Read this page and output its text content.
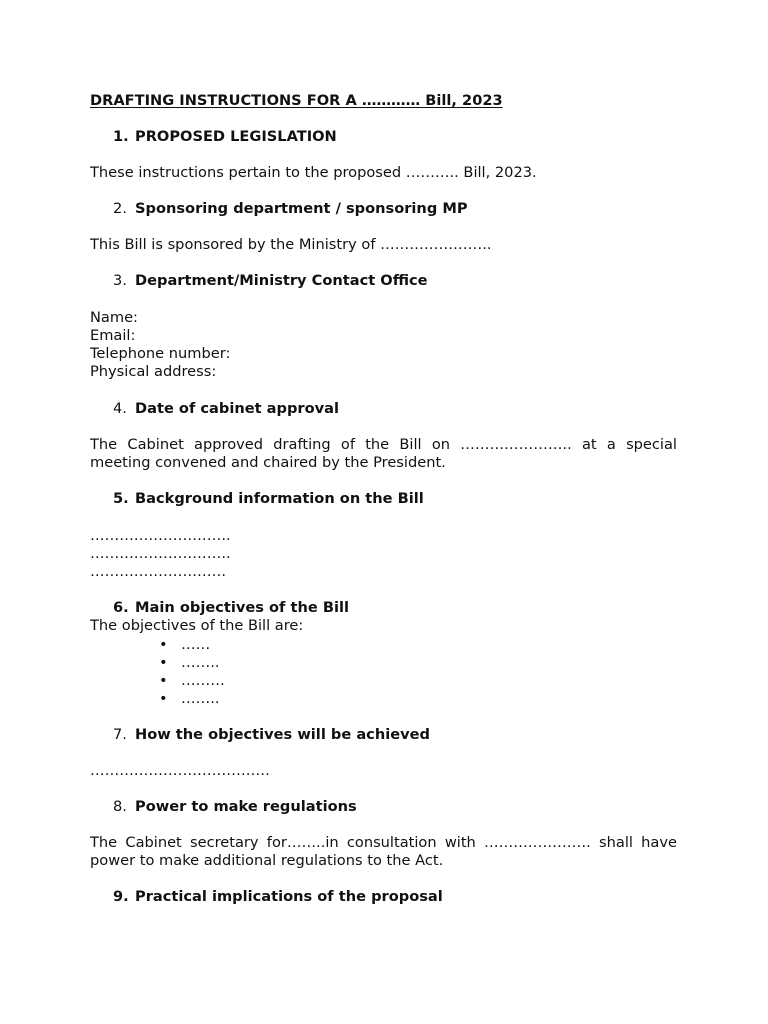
DRAFTING INSTRUCTIONS FOR A ………… Bill, 2023
1. PROPOSED LEGISLATION
These instructions pertain to the proposed ……….. Bill, 2023.
2. Sponsoring department / sponsoring MP
This Bill is sponsored by the Ministry of …………………..
3. Department/Ministry Contact Office
Name:
Email:
Telephone number:
Physical address:
4. Date of cabinet approval
The Cabinet approved drafting of the Bill on ………………….. at a special meeting convened and chaired by the President.
5. Background information on the Bill
………………………..
………………………..
……………………….
6. Main objectives of the Bill
The objectives of the Bill are:
• ……
• ……..
• ………
• ……..
7. How the objectives will be achieved
……………………………….
8. Power to make regulations
The Cabinet secretary for……..in consultation with …………………. shall have power to make additional regulations to the Act.
9. Practical implications of the proposal
